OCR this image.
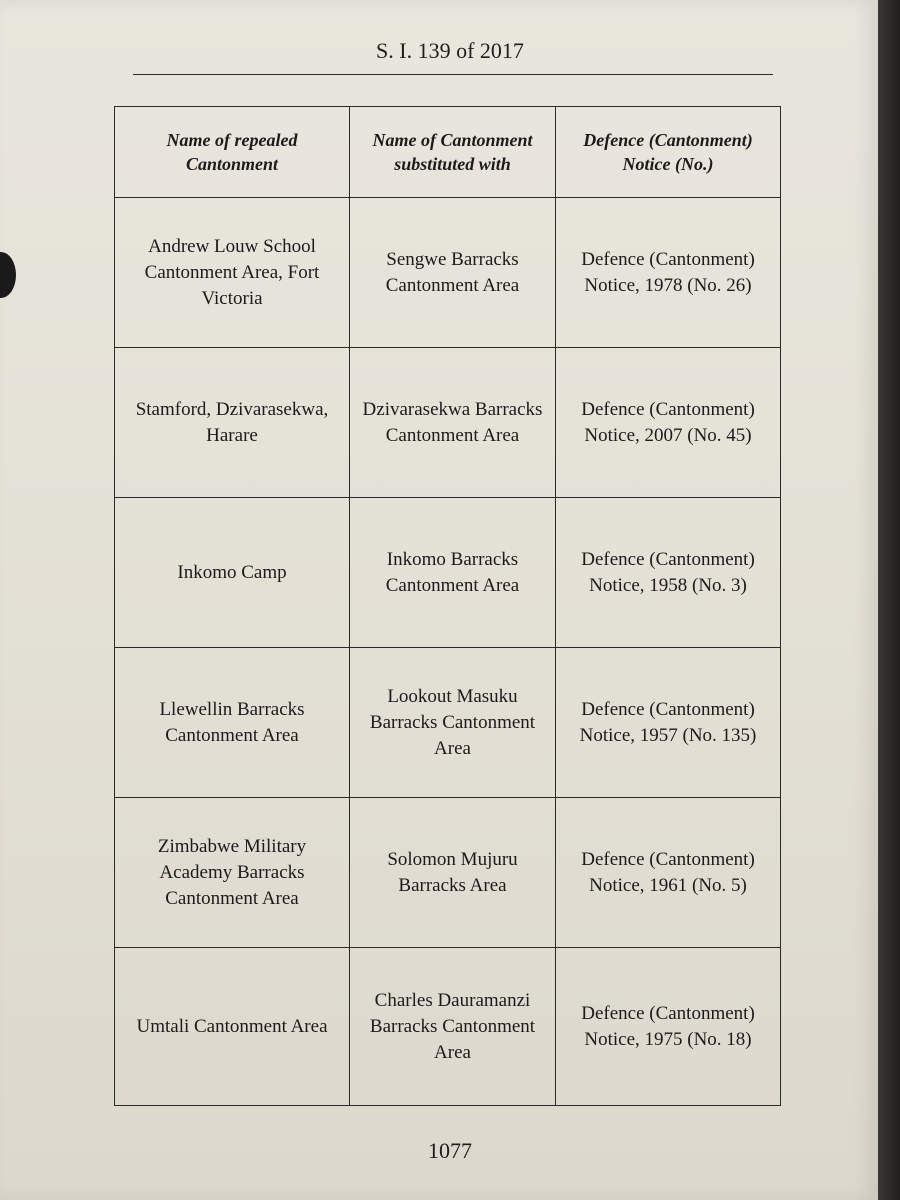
S. I. 139 of 2017
Name of repealed Cantonment	Name of Cantonment substituted with	Defence (Cantonment) Notice (No.)
Andrew Louw School Cantonment Area, Fort Victoria	Sengwe Barracks Cantonment Area	Defence (Cantonment) Notice, 1978 (No. 26)
Stamford, Dzivarasekwa, Harare	Dzivarasekwa Barracks Cantonment Area	Defence (Cantonment) Notice, 2007 (No. 45)
Inkomo Camp	Inkomo Barracks Cantonment Area	Defence (Cantonment) Notice, 1958 (No. 3)
Llewellin Barracks Cantonment Area	Lookout Masuku Barracks Cantonment Area	Defence (Cantonment) Notice, 1957 (No. 135)
Zimbabwe Military Academy Barracks Cantonment Area	Solomon Mujuru Barracks Area	Defence (Cantonment) Notice, 1961 (No. 5)
Umtali Cantonment Area	Charles Dauramanzi Barracks Cantonment Area	Defence (Cantonment) Notice, 1975 (No. 18)
1077
